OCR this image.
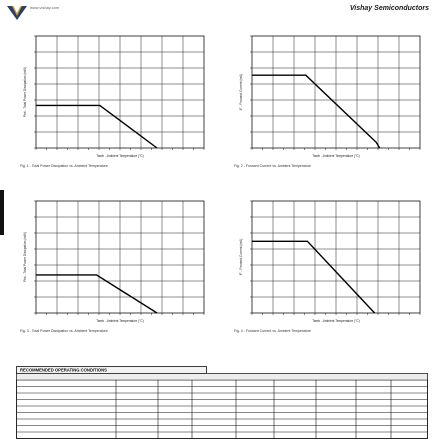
www.vishay.com	Vishay Semiconductors
Tamb - Ambient Temperature (°C)
Ptot - Total Power Dissipation (mW)
Fig. 1 - Total Power Dissipation vs. Ambient Temperature
Tamb - Ambient Temperature (°C)
IF - Forward Current (mA)
Fig. 2 - Forward Current vs. Ambient Temperature
Tamb - Ambient Temperature (°C)
Ptot - Total Power Dissipation (mW)
Fig. 3 - Total Power Dissipation vs. Ambient Temperature
Tamb - Ambient Temperature (°C)
IF - Forward Current (mA)
Fig. 4 - Forward Current vs. Ambient Temperature
RECOMMENDED OPERATING CONDITIONS
